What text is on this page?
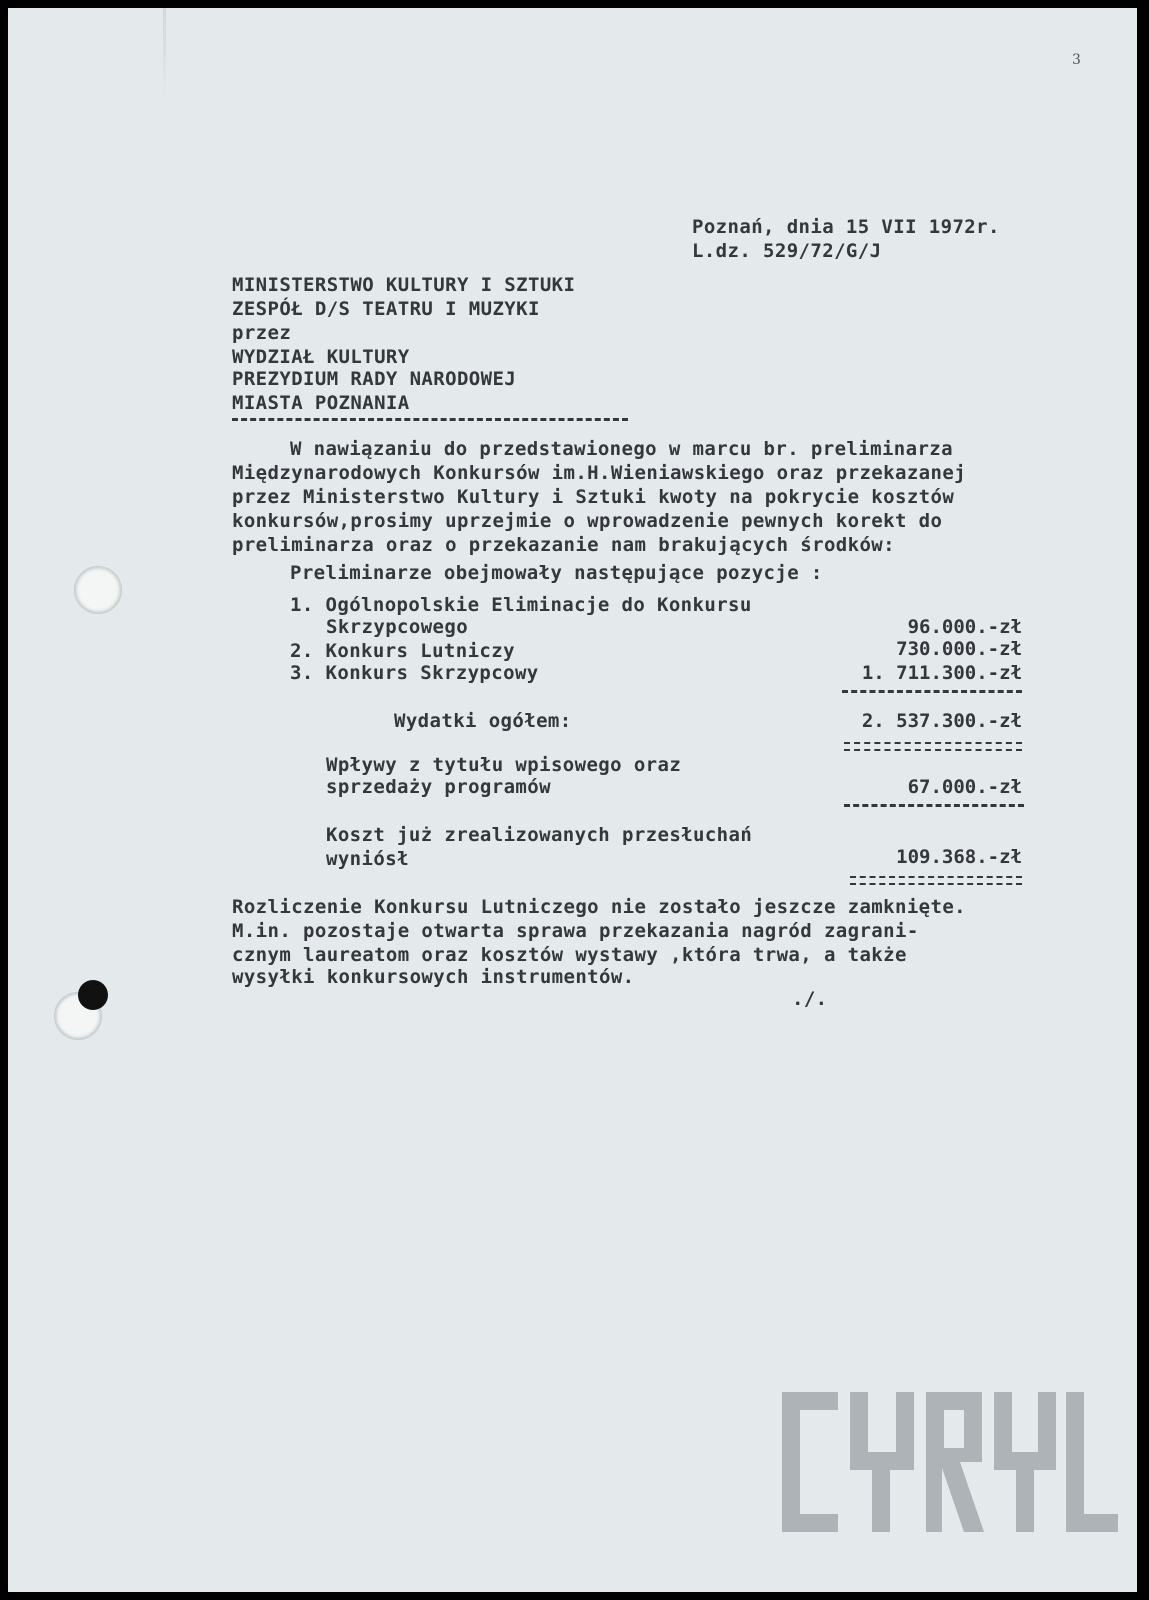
3
Poznań, dnia 15 VII 1972r.
L.dz. 529/72/G/J
MINISTERSTWO KULTURY I SZTUKI
ZESPÓŁ D/S TEATRU I MUZYKI
przez
WYDZIAŁ KULTURY
PREZYDIUM RADY NARODOWEJ
MIASTA POZNANIA
W nawiązaniu do przedstawionego w marcu br. preliminarza
Międzynarodowych Konkursów im.H.Wieniawskiego oraz przekazanej
przez Ministerstwo Kultury i Sztuki kwoty na pokrycie kosztów
konkursów,prosimy uprzejmie o wprowadzenie pewnych korekt do
preliminarza oraz o przekazanie nam brakujących środków:
Preliminarze obejmowały następujące pozycje :
1. Ogólnopolskie Eliminacje do Konkursu
Skrzypcowego	96.000.-zł
2. Konkurs Lutniczy	730.000.-zł
3. Konkurs Skrzypcowy	1. 711.300.-zł
Wydatki ogółem:	2. 537.300.-zł
Wpływy z tytułu wpisowego oraz
sprzedaży programów	67.000.-zł
Koszt już zrealizowanych przesłuchań
wyniósł	109.368.-zł
Rozliczenie Konkursu Lutniczego nie zostało jeszcze zamknięte.
M.in. pozostaje otwarta sprawa przekazania nagród zagrani-
cznym laureatom oraz kosztów wystawy ,która trwa, a także
wysyłki konkursowych instrumentów.
./.
